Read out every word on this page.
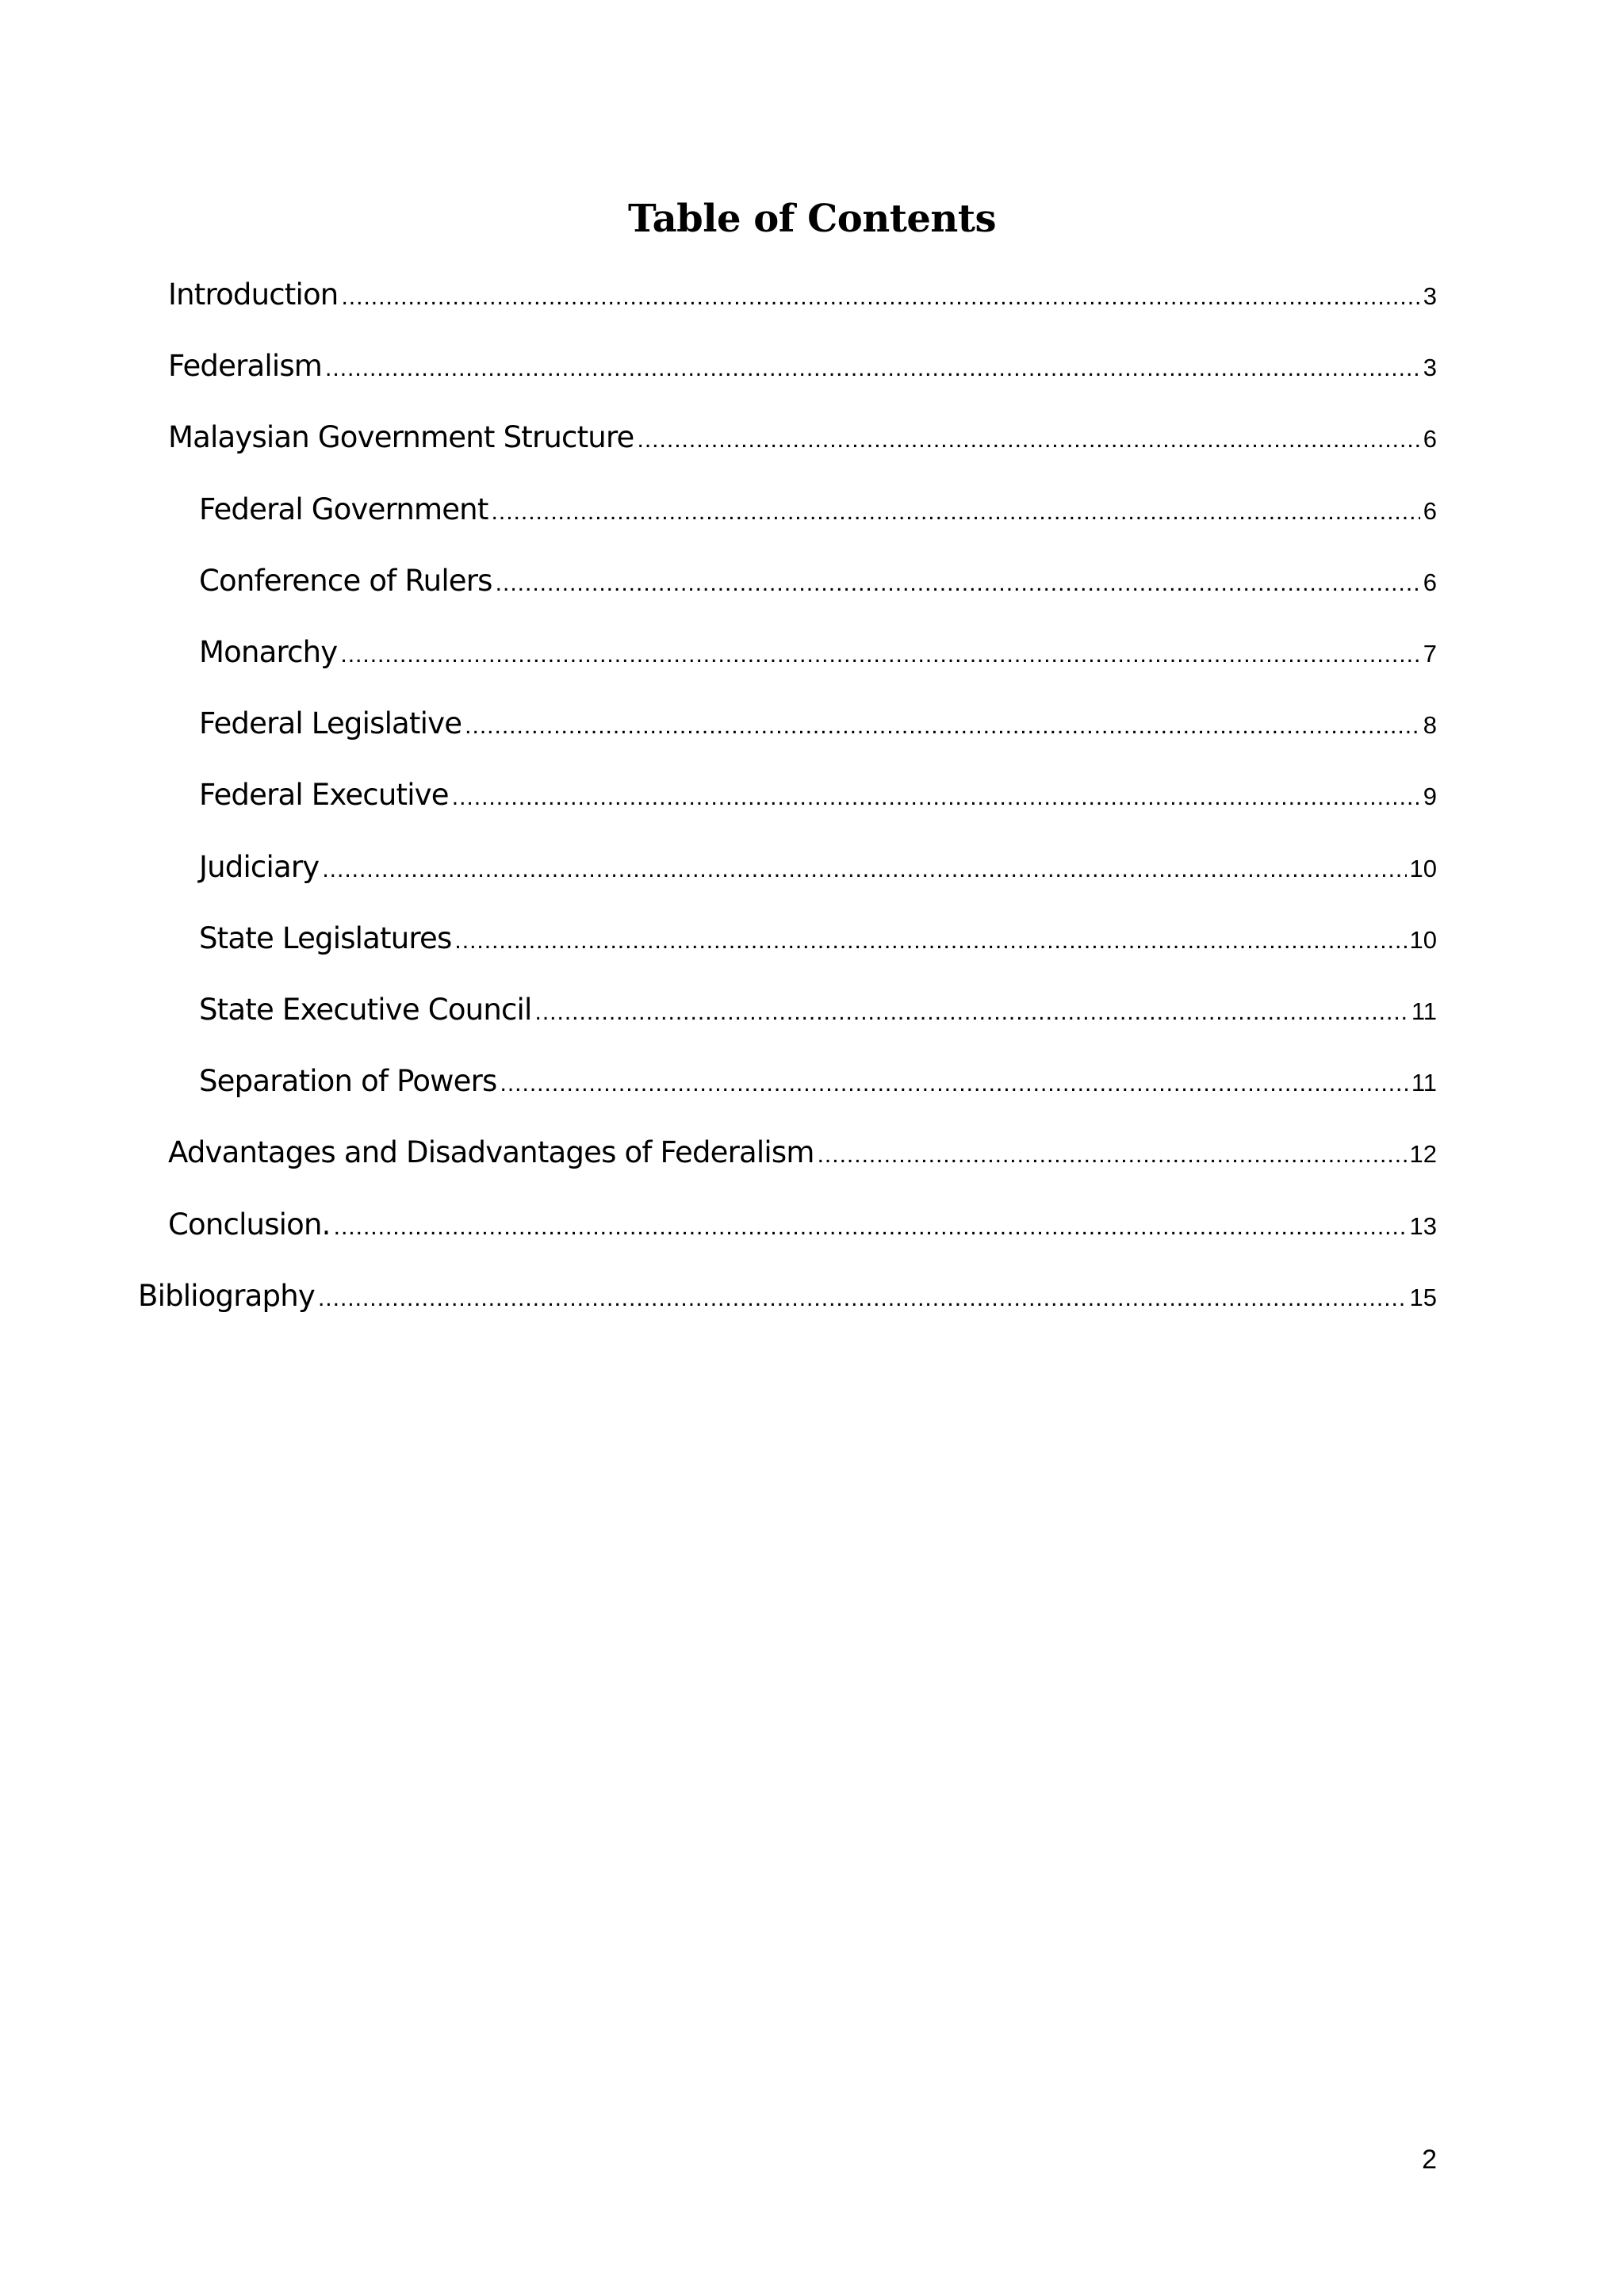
Table of Contents
Introduction .....	3
Federalism .....	3
Malaysian Government Structure .....	6
Federal Government .....	6
Conference of Rulers .....	6
Monarchy .....	7
Federal Legislative .....	8
Federal Executive .....	9
Judiciary .....	10
State Legislatures .....	10
State Executive Council .....	11
Separation of Powers .....	11
Advantages and Disadvantages of Federalism .....	12
Conclusion. .....	13
Bibliography .....	15
2
